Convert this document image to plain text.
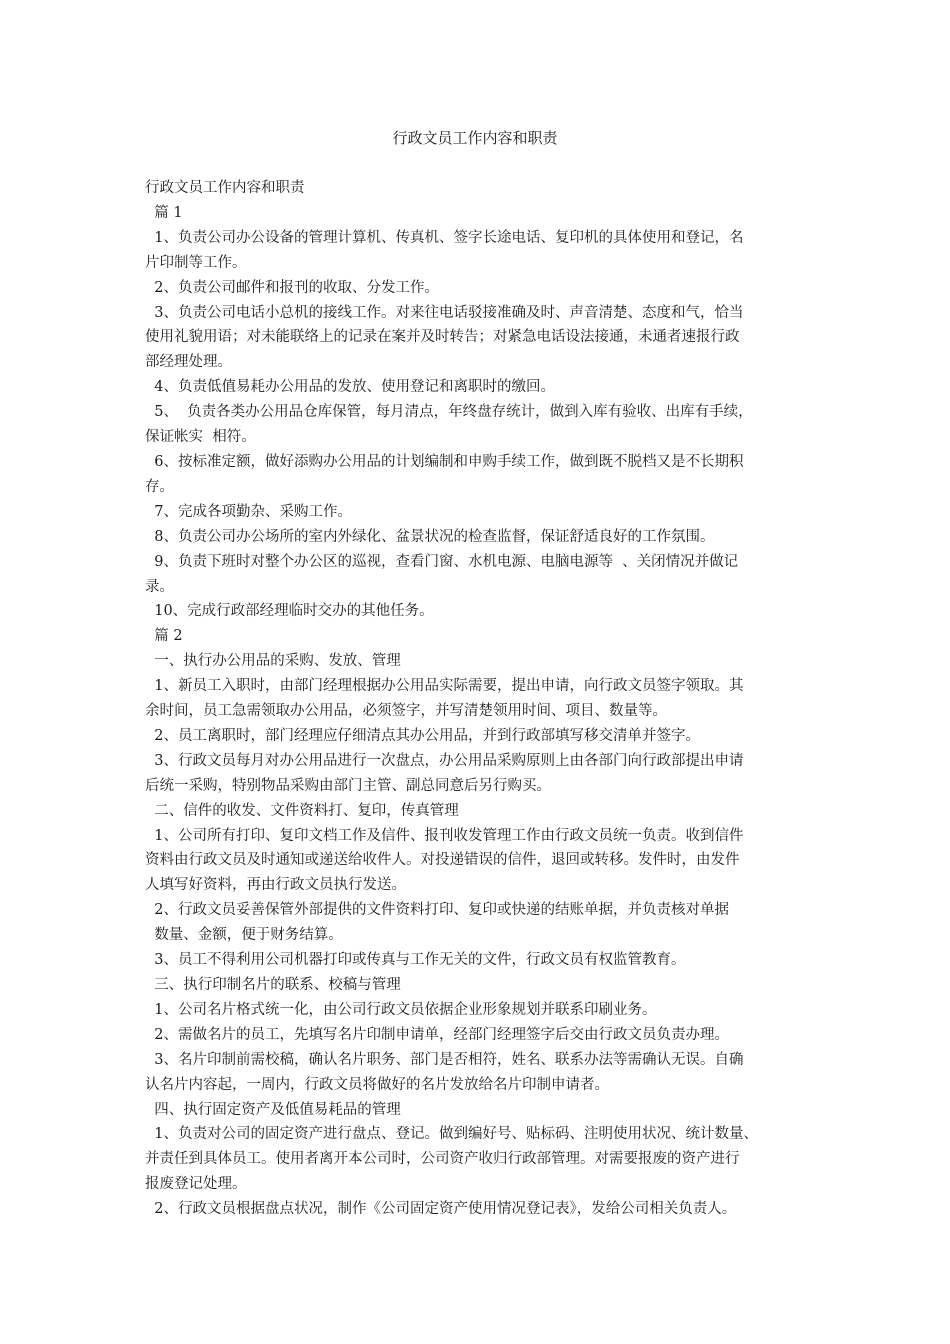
行政文员工作内容和职责
行政文员工作内容和职责
篇 1
1、负责公司办公设备的管理计算机、传真机、签字长途电话、复印机的具体使用和登记，名
片印制等工作。
2、负责公司邮件和报刊的收取、分发工作。
3、负责公司电话小总机的接线工作。对来往电话驳接准确及时、声音清楚、态度和气，恰当
使用礼貌用语；对未能联络上的记录在案并及时转告；对紧急电话设法接通，未通者速报行政
部经理处理。
4、负责低值易耗办公用品的发放、使用登记和离职时的缴回。
5、  负责各类办公用品仓库保管，每月清点，年终盘存统计，做到入库有验收、出库有手续，
保证帐实  相符。
6、按标准定额，做好添购办公用品的计划编制和申购手续工作，做到既不脱档又是不长期积
存。
7、完成各项勤杂、采购工作。
8、负责公司办公场所的室内外绿化、盆景状况的检查监督，保证舒适良好的工作氛围。
9、负责下班时对整个办公区的巡视，查看门窗、水机电源、电脑电源等  、关闭情况并做记
录。
10、完成行政部经理临时交办的其他任务。
篇 2
一、执行办公用品的采购、发放、管理
1、新员工入职时，由部门经理根据办公用品实际需要，提出申请，向行政文员签字领取。其
余时间，员工急需领取办公用品，必须签字，并写清楚领用时间、项目、数量等。
2、员工离职时，部门经理应仔细清点其办公用品，并到行政部填写移交清单并签字。
3、行政文员每月对办公用品进行一次盘点，办公用品采购原则上由各部门向行政部提出申请
后统一采购，特别物品采购由部门主管、副总同意后另行购买。
二、信件的收发、文件资料打、复印，传真管理
1、公司所有打印、复印文档工作及信件、报刊收发管理工作由行政文员统一负责。收到信件
资料由行政文员及时通知或递送给收件人。对投递错误的信件，退回或转移。发件时，由发件
人填写好资料，再由行政文员执行发送。
2、行政文员妥善保管外部提供的文件资料打印、复印或快递的结账单据，并负责核对单据
数量、金额，便于财务结算。
3、员工不得利用公司机器打印或传真与工作无关的文件，行政文员有权监管教育。
三、执行印制名片的联系、校稿与管理
1、公司名片格式统一化，由公司行政文员依据企业形象规划并联系印刷业务。
2、需做名片的员工，先填写名片印制申请单，经部门经理签字后交由行政文员负责办理。
3、名片印制前需校稿，确认名片职务、部门是否相符，姓名、联系办法等需确认无误。自确
认名片内容起，一周内，行政文员将做好的名片发放给名片印制申请者。
四、执行固定资产及低值易耗品的管理
1、负责对公司的固定资产进行盘点、登记。做到编好号、贴标码、注明使用状况、统计数量、
并责任到具体员工。使用者离开本公司时，公司资产收归行政部管理。对需要报废的资产进行
报废登记处理。
2、行政文员根据盘点状况，制作《公司固定资产使用情况登记表》，发给公司相关负责人。
